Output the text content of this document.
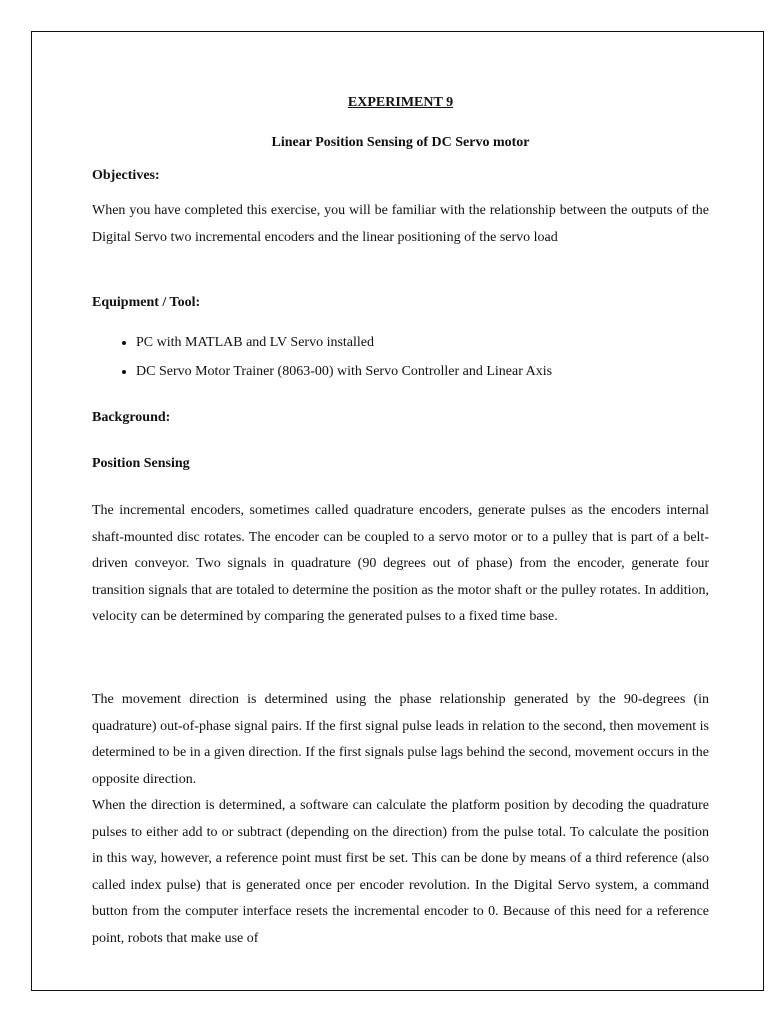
EXPERIMENT 9
Linear Position Sensing of DC Servo motor
Objectives:
When you have completed this exercise, you will be familiar with the relationship between the outputs of the Digital Servo two incremental encoders and the linear positioning of the servo load
Equipment / Tool:
• PC with MATLAB and LV Servo installed
• DC Servo Motor Trainer (8063-00) with Servo Controller and Linear Axis
Background:
Position Sensing
The incremental encoders, sometimes called quadrature encoders, generate pulses as the encoders internal shaft-mounted disc rotates. The encoder can be coupled to a servo motor or to a pulley that is part of a belt-driven conveyor. Two signals in quadrature (90 degrees out of phase) from the encoder, generate four transition signals that are totaled to determine the position as the motor shaft or the pulley rotates. In addition, velocity can be determined by comparing the generated pulses to a fixed time base.
The movement direction is determined using the phase relationship generated by the 90-degrees (in quadrature) out-of-phase signal pairs. If the first signal pulse leads in relation to the second, then movement is determined to be in a given direction. If the first signals pulse lags behind the second, movement occurs in the opposite direction.
When the direction is determined, a software can calculate the platform position by decoding the quadrature pulses to either add to or subtract (depending on the direction) from the pulse total. To calculate the position in this way, however, a reference point must first be set. This can be done by means of a third reference (also called index pulse) that is generated once per encoder revolution. In the Digital Servo system, a command button from the computer interface resets the incremental encoder to 0. Because of this need for a reference point, robots that make use of
